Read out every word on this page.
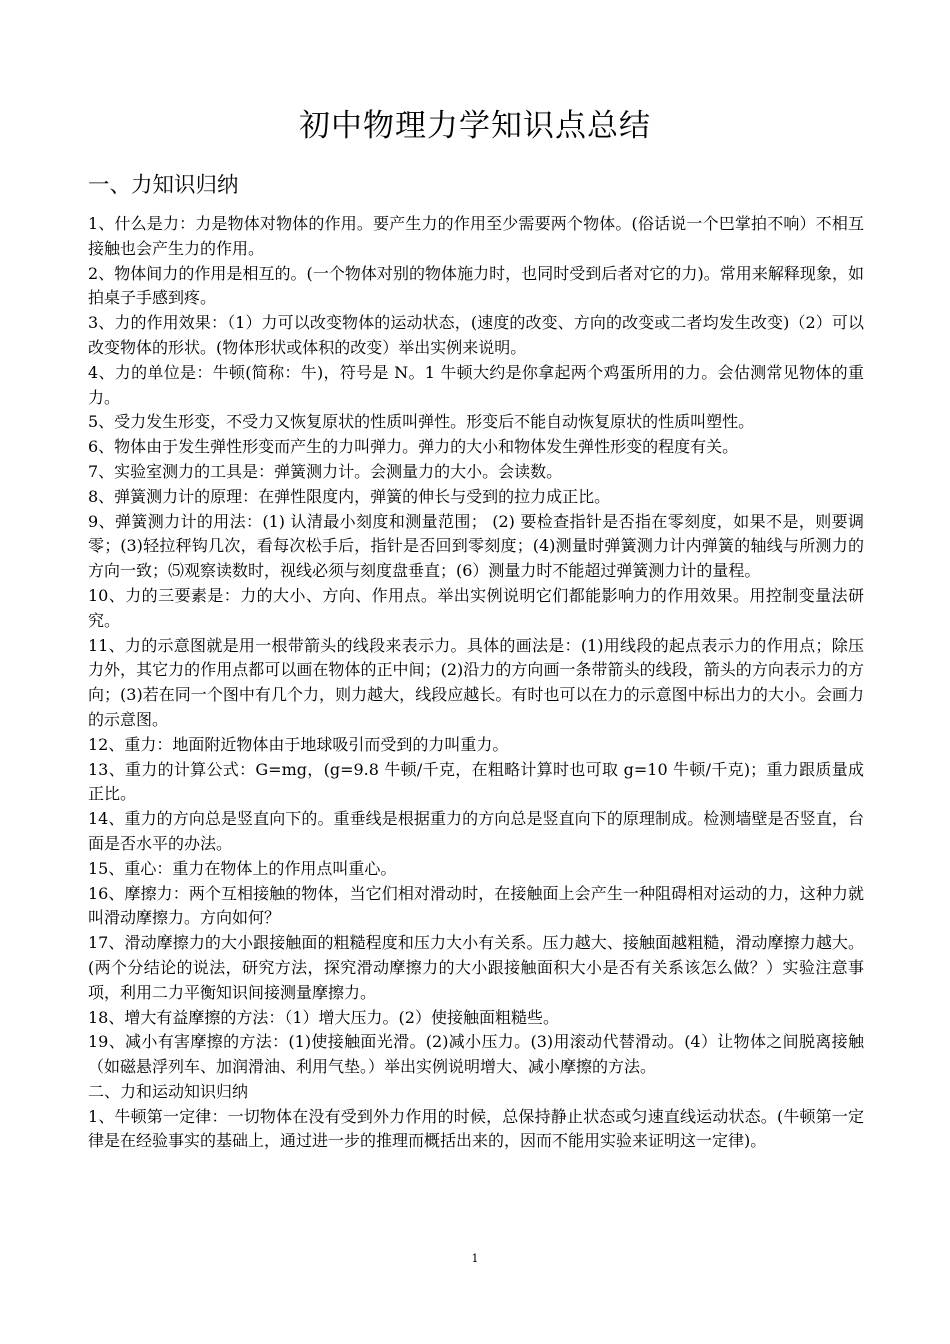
初中物理力学知识点总结
一、力知识归纳

1、什么是力：力是物体对物体的作用。要产生力的作用至少需要两个物体。(俗话说一个巴掌拍不响）不相互接触也会产生力的作用。

2、物体间力的作用是相互的。(一个物体对别的物体施力时，也同时受到后者对它的力)。常用来解释现象，如拍桌子手感到疼。

3、力的作用效果：（1）力可以改变物体的运动状态，(速度的改变、方向的改变或二者均发生改变)（2）可以改变物体的形状。(物体形状或体积的改变）举出实例来说明。

4、力的单位是：牛顿(简称：牛)，符号是 N。1 牛顿大约是你拿起两个鸡蛋所用的力。会估测常见物体的重力。

5、受力发生形变，不受力又恢复原状的性质叫弹性。形变后不能自动恢复原状的性质叫塑性。

6、物体由于发生弹性形变而产生的力叫弹力。弹力的大小和物体发生弹性形变的程度有关。

7、实验室测力的工具是：弹簧测力计。会测量力的大小。会读数。

8、弹簧测力计的原理：在弹性限度内，弹簧的伸长与受到的拉力成正比。

9、弹簧测力计的用法：(1) 认清最小刻度和测量范围； (2) 要检查指针是否指在零刻度，如果不是，则要调零；(3)轻拉秤钩几次，看每次松手后，指针是否回到零刻度；(4)测量时弹簧测力计内弹簧的轴线与所测力的方向一致；⑸观察读数时，视线必须与刻度盘垂直；(6）测量力时不能超过弹簧测力计的量程。

10、力的三要素是：力的大小、方向、作用点。举出实例说明它们都能影响力的作用效果。用控制变量法研究。

11、力的示意图就是用一根带箭头的线段来表示力。具体的画法是：(1)用线段的起点表示力的作用点；除压力外，其它力的作用点都可以画在物体的正中间；(2)沿力的方向画一条带箭头的线段，箭头的方向表示力的方向；(3)若在同一个图中有几个力，则力越大，线段应越长。有时也可以在力的示意图中标出力的大小。会画力的示意图。

12、重力：地面附近物体由于地球吸引而受到的力叫重力。

13、重力的计算公式：G=mg，(g=9.8 牛顿/千克，在粗略计算时也可取 g=10 牛顿/千克)；重力跟质量成正比。

14、重力的方向总是竖直向下的。重垂线是根据重力的方向总是竖直向下的原理制成。检测墙壁是否竖直，台面是否水平的办法。

15、重心：重力在物体上的作用点叫重心。

16、摩擦力：两个互相接触的物体，当它们相对滑动时，在接触面上会产生一种阻碍相对运动的力，这种力就叫滑动摩擦力。方向如何？

17、滑动摩擦力的大小跟接触面的粗糙程度和压力大小有关系。压力越大、接触面越粗糙，滑动摩擦力越大。(两个分结论的说法，研究方法，探究滑动摩擦力的大小跟接触面积大小是否有关系该怎么做？）实验注意事项，利用二力平衡知识间接测量摩擦力。

18、增大有益摩擦的方法：（1）增大压力。(2）使接触面粗糙些。

19、减小有害摩擦的方法：(1)使接触面光滑。(2)减小压力。(3)用滚动代替滑动。(4）让物体之间脱离接触（如磁悬浮列车、加润滑油、利用气垫。）举出实例说明增大、减小摩擦的方法。

二、力和运动知识归纳

1、牛顿第一定律：一切物体在没有受到外力作用的时候，总保持静止状态或匀速直线运动状态。(牛顿第一定律是在经验事实的基础上，通过进一步的推理而概括出来的，因而不能用实验来证明这一定律)。

1
